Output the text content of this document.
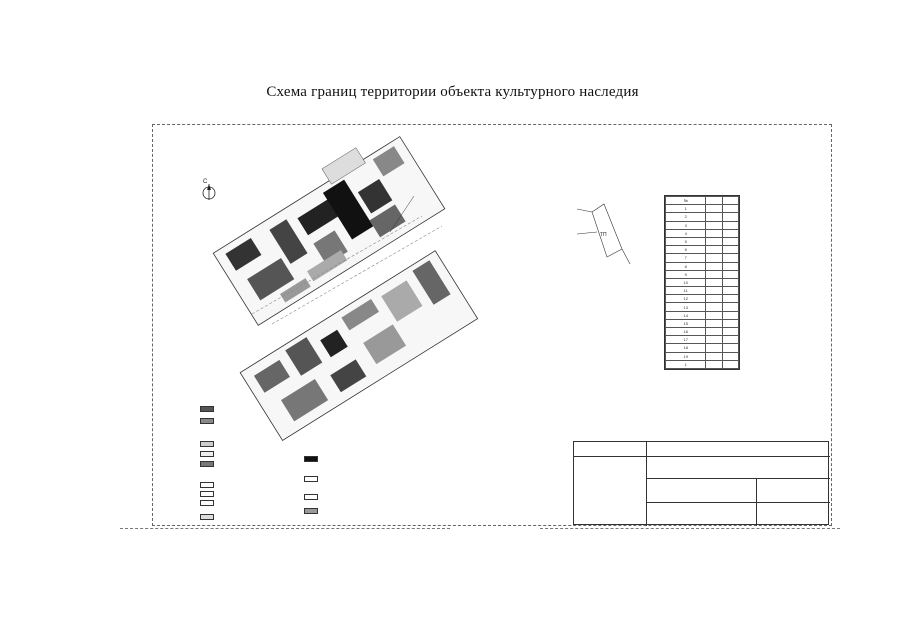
Схема границ территории объекта культурного наследия
С
ТП
№		
1		
2		
3		
4		
5		
6		
7		
8		
9		
10		
11		
12		
13		
14		
15		
16		
17		
18		
19		
1		
